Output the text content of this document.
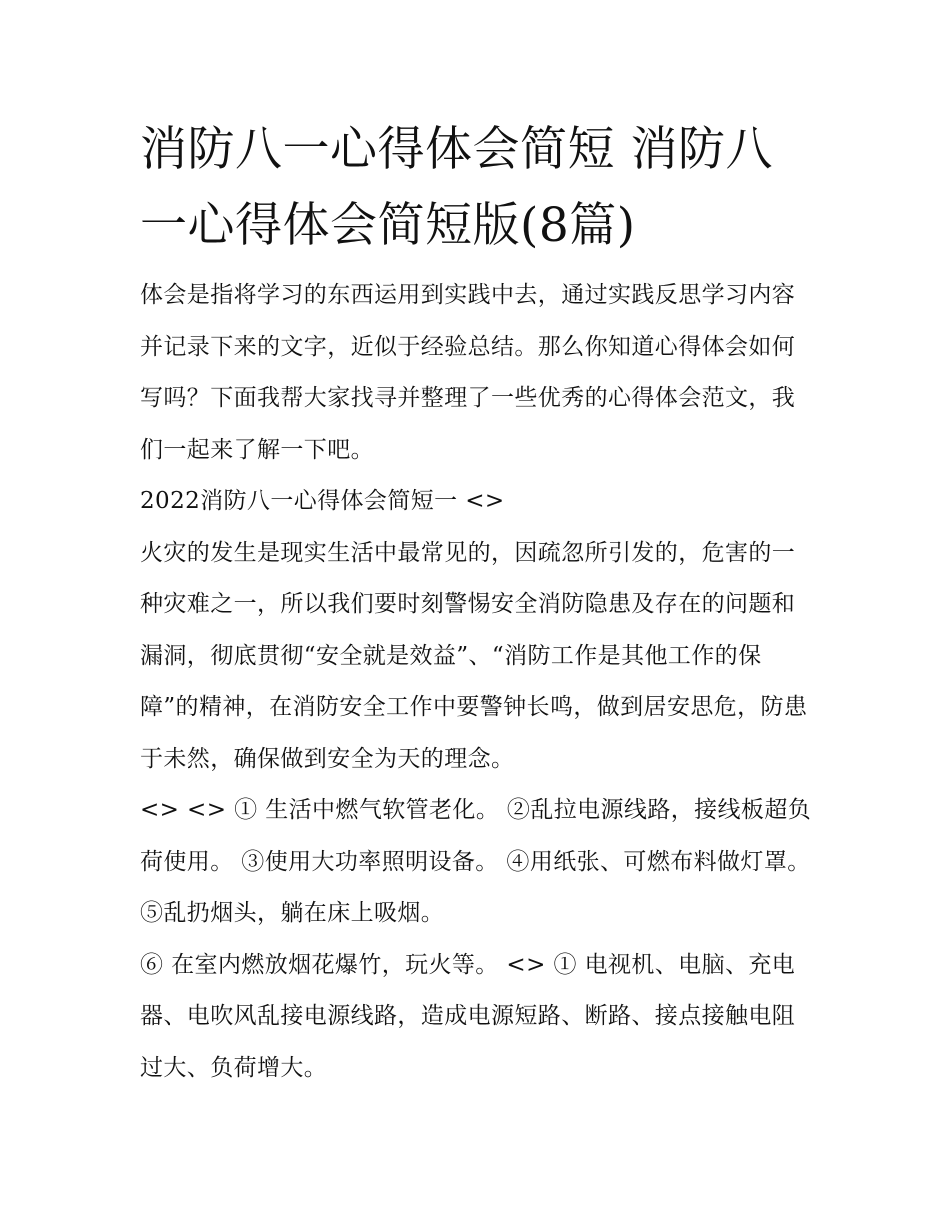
消防八一心得体会简短 消防八一心得体会简短版(8篇)

体会是指将学习的东西运用到实践中去，通过实践反思学习内容并记录下来的文字，近似于经验总结。那么你知道心得体会如何写吗？下面我帮大家找寻并整理了一些优秀的心得体会范文，我们一起来了解一下吧。

2022消防八一心得体会简短一 <>

火灾的发生是现实生活中最常见的，因疏忽所引发的，危害的一种灾难之一，所以我们要时刻警惕安全消防隐患及存在的问题和漏洞，彻底贯彻“安全就是效益”、“消防工作是其他工作的保障”的精神，在消防安全工作中要警钟长鸣，做到居安思危，防患于未然，确保做到安全为天的理念。

<> <> ① 生活中燃气软管老化。 ②乱拉电源线路，接线板超负荷使用。 ③使用大功率照明设备。 ④用纸张、可燃布料做灯罩。 ⑤乱扔烟头，躺在床上吸烟。

⑥ 在室内燃放烟花爆竹，玩火等。 <> ① 电视机、电脑、充电器、电吹风乱接电源线路，造成电源短路、断路、接点接触电阻过大、负荷增大。
